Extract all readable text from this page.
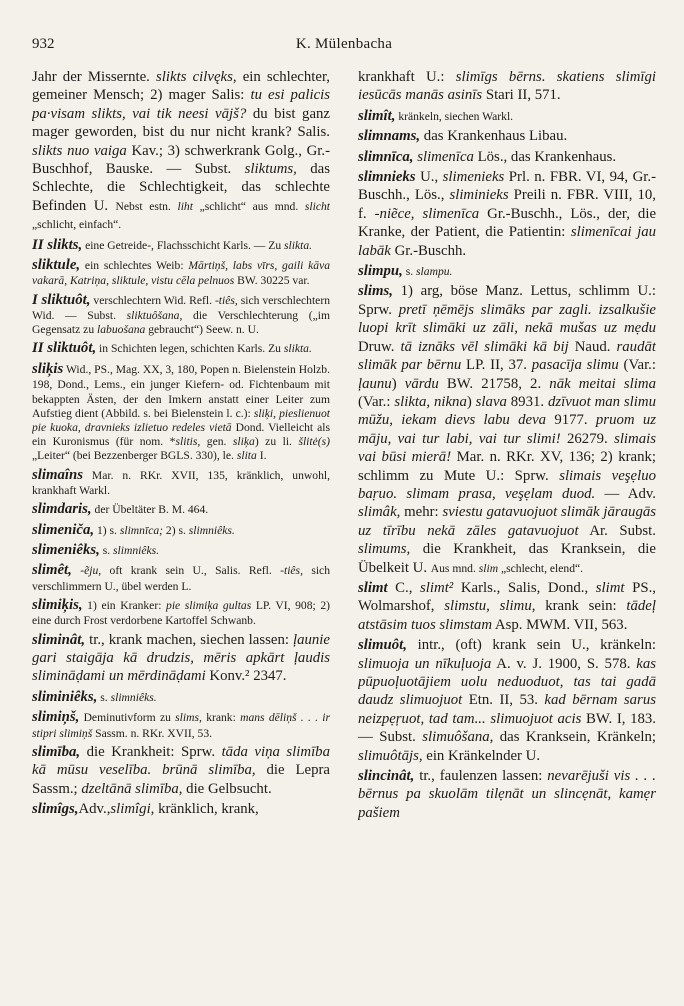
932	K. Mülenbacha

Jahr der Missernte. slikts cilvęks, ein schlechter, gemeiner Mensch; 2) mager Salis: tu esi palicis pa·visam slikts, vai tik neesi vājš? du bist ganz mager geworden, bist du nur nicht krank? Salis. slikts nuo vaiga Kav.; 3) schwerkrank Golg., Gr.-Buschhof, Bauske. — Subst. sliktums, das Schlechte, die Schlechtigkeit, das schlechte Befinden U. Nebst estn. liht „schlicht“ aus mnd. slicht „schlicht, einfach“.

II slikts, eine Getreide-, Flachsschicht Karls. — Zu slikta.

sliktule, ein schlechtes Weib: Mārtiņš, labs vīrs, gaili kāva vakarā, Katriņa, sliktule, vistu cēla pelnuos BW. 30225 var.

I sliktuôt, verschlechtern Wid. Refl. -tiês, sich verschlechtern Wid. — Subst. sliktuôšana, die Verschlechterung („im Gegensatz zu labuošana gebraucht“) Seew. n. U.

II sliktuôt, in Schichten legen, schichten Karls. Zu slikta.

sliķis Wid., PS., Mag. XX, 3, 180, Popen n. Bielenstein Holzb. 198, Dond., Lems., ein junger Kiefern- od. Fichtenbaum mit bekappten Ästen, der den Imkern anstatt einer Leiter zum Aufstieg dient (Abbild. s. bei Bielenstein l. c.): sliķi, pieslienuot pie kuoka, dravnieks izlietuo redeles vietā Dond. Vielleicht als ein Kuronismus (für nom. *slitis, gen. sliķa) zu li. šlitė(s) „Leiter“ (bei Bezzenberger BGLS. 330), le. slita I.

slimaîns Mar. n. RKr. XVII, 135, kränklich, unwohl, krankhaft Warkl.

slimdaris, der Übeltäter B. M. 464.

slimeniča, 1) s. slimnīca; 2) s. slimniêks.

slimeniêks, s. slimniêks.

slimêt, -ẽju, oft krank sein U., Salis. Refl. -tiês, sich verschlimmern U., übel werden L.

slimiķis, 1) ein Kranker: pie slimiķa gultas LP. VI, 908; 2) eine durch Frost verdorbene Kartoffel Schwanb.

sliminât, tr., krank machen, siechen lassen: ļaunie gari staigāja kā drudzis, mēris apkārt ļaudis slimināḍami un mērdināḍami Konv.² 2347.

sliminiêks, s. slimniêks.

slimiņš, Deminutivform zu slims, krank: mans dēliņš . . . ir stipri slimiņš Sassm. n. RKr. XVII, 53.

slimība, die Krankheit: Sprw. tāda viņa slimība kā mūsu veselība. brūnā slimība, die Lepra Sassm.; dzeltānā slimība, die Gelbsucht.

slimîgs,Adv.,slimîgi, kränklich, krank,

krankhaft U.: slimīgs bērns. skatiens slimīgi iesūcās manās asinīs Stari II, 571.

slimît, kränkeln, siechen Warkl.

slimnams, das Krankenhaus Libau.

slimnīca, slimenīca Lös., das Krankenhaus.

slimnieks U., slimenieks Prl. n. FBR. VI, 94, Gr.-Buschh., Lös., sliminieks Preili n. FBR. VIII, 10, f. -niẽce, slimenīca Gr.-Buschh., Lös., der, die Kranke, der Patient, die Patientin: slimenīcai jau labāk Gr.-Buschh.

slimpu, s. slampu.

slims, 1) arg, böse Manz. Lettus, schlimm U.: Sprw. pretī ņēmējs slimāks par zagli. izsalkušie luopi krīt slimāki uz zāli, nekā mušas uz mẹdu Druw. tā iznāks vēl slimāki kā bij Naud. raudāt slimāk par bērnu LP. II, 37. pasacīja slimu (Var.: ļaunu) vārdu BW. 21758, 2. nāk meitai slima (Var.: slikta, nikna) slava 8931. dzīvuot man slimu mūžu, iekam dievs labu deva 9177. pruom uz māju, vai tur labi, vai tur slimi! 26279. slimais vai būsi mierā! Mar. n. RKr. XV, 136; 2) krank; schlimm zu Mute U.: Sprw. slimais veşẹluo baṛuo. slimam prasa, veşẹlam duod. — Adv. slimâk, mehr: sviestu gatavuojuot slimāk jāraugās uz tīrību nekā zāles gatavuojuot Ar. Subst. slimums, die Krankheit, das Kranksein, die Übelkeit U. Aus mnd. slim „schlecht, elend“.

slimt C., slimt² Karls., Salis, Dond., slimt PS., Wolmarshof, slimstu, slimu, krank sein: tādeļ atstāsim tuos slimstam Asp. MWM. VII, 563.

slimuôt, intr., (oft) krank sein U., kränkeln: slimuoja un nīkuļuoja A. v. J. 1900, S. 578. kas pūpuoļuotājiem uolu neduoduot, tas tai gadā daudz slimuojuot Etn. II, 53. kad bērnam sarus neizpẹŗuot, tad tam... slimuojuot acis BW. I, 183. — Subst. slimuôšana, das Kranksein, Kränkeln; slimuôtājs, ein Kränkelnder U.

slincinât, tr., faulenzen lassen: nevarējuši vis . . . bērnus pa skuolām tilẹnāt un slincẹnāt, kamẹr pašiem
